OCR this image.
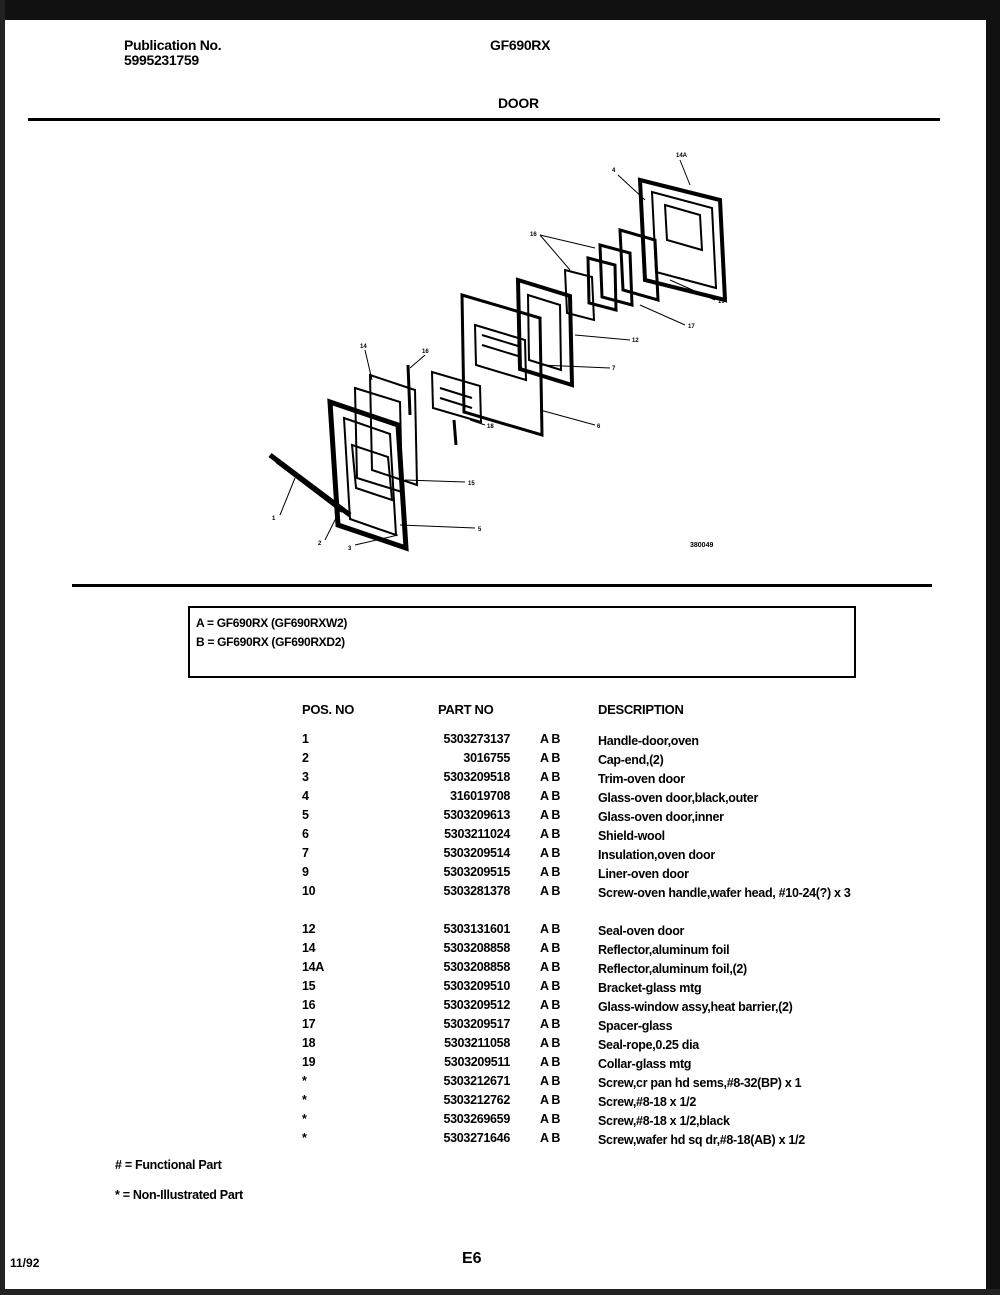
Publication No.
5995231759
GF690RX
DOOR
4
14A
16
19
17
12
7
6
18
15
5
14
16
1
2
3	380049
A = GF690RX (GF690RXW2)
B = GF690RX (GF690RXD2)
POS. NO	PART NO	DESCRIPTION
1	5303273137 A B	Handle-door,oven
2	3016755 A B	Cap-end,(2)
3	5303209518 A B	Trim-oven door
4	316019708 A B	Glass-oven door,black,outer
5	5303209613 A B	Glass-oven door,inner
6	5303211024 A B	Shield-wool
7	5303209514 A B	Insulation,oven door
9	5303209515 A B	Liner-oven door
10	5303281378 A B	Screw-oven handle,wafer head, #10-24(?) x 3
12	5303131601 A B	Seal-oven door
14	5303208858 A B	Reflector,aluminum foil
14A	5303208858 A B	Reflector,aluminum foil,(2)
15	5303209510 A B	Bracket-glass mtg
16	5303209512 A B	Glass-window assy,heat barrier,(2)
17	5303209517 A B	Spacer-glass
18	5303211058 A B	Seal-rope,0.25 dia
19	5303209511 A B	Collar-glass mtg
*	5303212671 A B	Screw,cr pan hd sems,#8-32(BP) x 1
*	5303212762 A B	Screw,#8-18 x 1/2
*	5303269659 A B	Screw,#8-18 x 1/2,black
*	5303271646 A B	Screw,wafer hd sq dr,#8-18(AB) x 1/2
# = Functional Part
* = Non-Illustrated Part
11/92	E6
